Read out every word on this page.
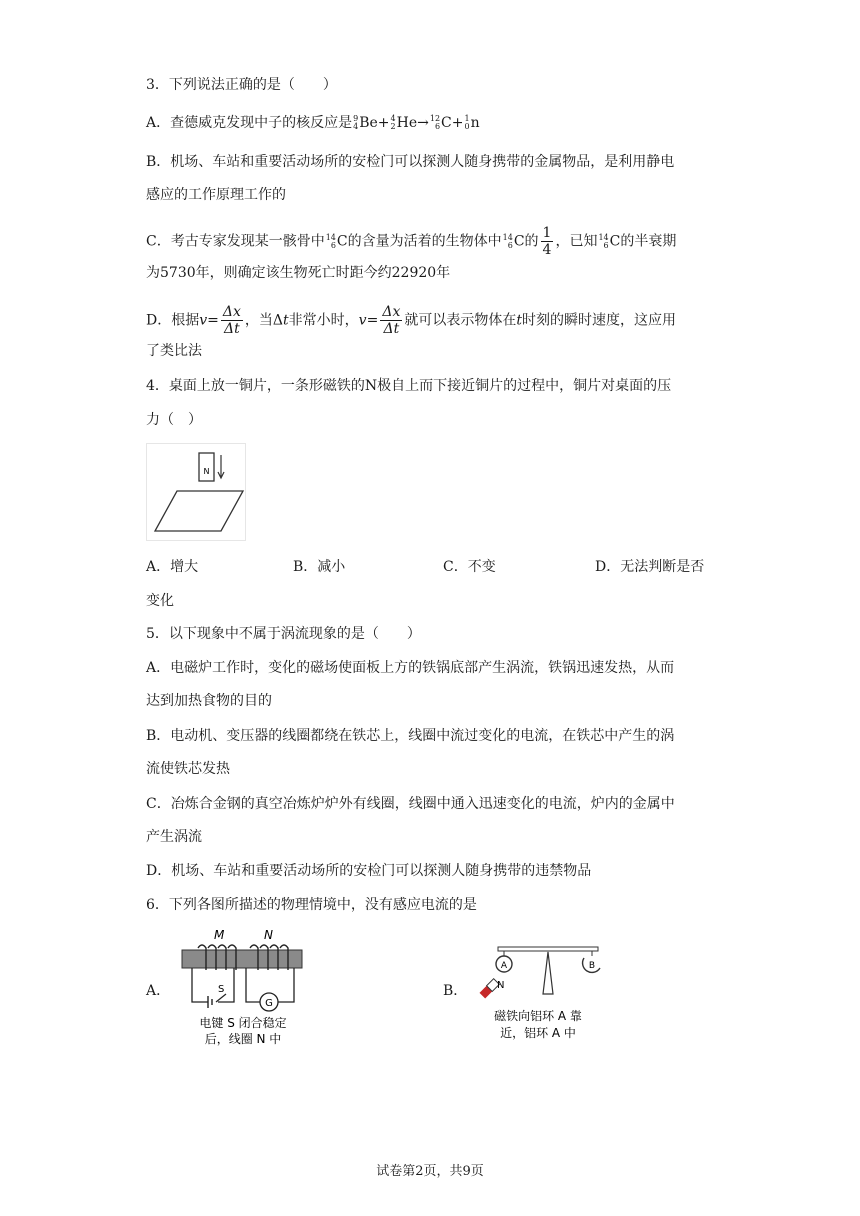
3．下列说法正确的是（　　）
A．查德威克发现中子的核反应是 9
4 Be+ 4
2 He→ 12
6 C+ 1
0 n
B．机场、车站和重要活动场所的安检门可以探测人随身携带的金属物品，是利用静电
感应的工作原理工作的
C．考古专家发现某一骸骨中 14
6 C的含量为活着的生物体中 14
6 C的 $\frac{1}{4}$ ，已知 14
6 C的半衰期
为5730年，则确定该生物死亡时距今约22920年
D．根据$v= \frac{\Delta x}{\Delta t}$ ，当Δt非常小时，$v= \frac{\Delta x}{\Delta t}$ 就可以表示物体在t时刻的瞬时速度，这应用
了类比法
4．桌面上放一铜片，一条形磁铁的N极自上而下接近铜片的过程中，铜片对桌面的压
力（　）
N
A．增大	B．减小	C．不变	D．无法判断是否
变化
5．以下现象中不属于涡流现象的是（　　）
A．电磁炉工作时，变化的磁场使面板上方的铁锅底部产生涡流，铁锅迅速发热，从而
达到加热食物的目的
B．电动机、变压器的线圈都绕在铁芯上，线圈中流过变化的电流，在铁芯中产生的涡
流使铁芯发热
C．冶炼合金钢的真空冶炼炉炉外有线圈，线圈中通入迅速变化的电流，炉内的金属中
产生涡流
D．机场、车站和重要活动场所的安检门可以探测人随身携带的违禁物品
6．下列各图所描述的物理情境中，没有感应电流的是
A．	B．
M	N
S
G
电键 S 闭合稳定
后，线圈 N 中
A	B
N
磁铁向铝环 A 靠
近，铝环 A 中
试卷第2页，共9页
